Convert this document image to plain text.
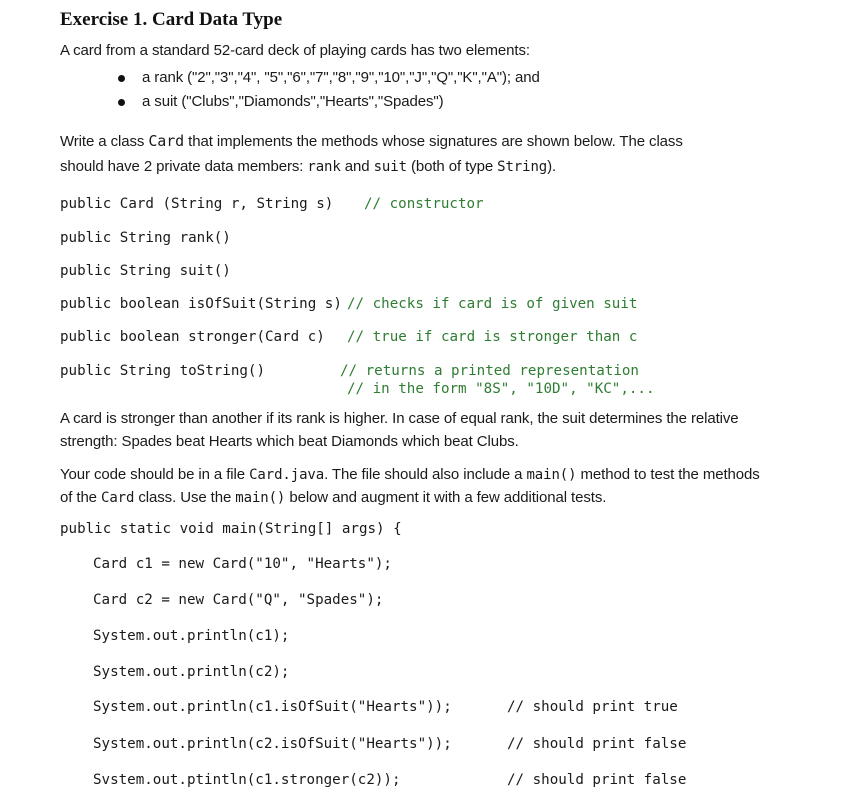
Exercise 1. Card Data Type
A card from a standard 52-card deck of playing cards has two elements:
a rank ("2","3","4", "5","6","7","8","9","10","J","Q","K","A"); and
a suit ("Clubs","Diamonds","Hearts","Spades")
Write a class Card that implements the methods whose signatures are shown below. The class
should have 2 private data members: rank and suit (both of type String).
public Card (String r, String s) // constructor
public String rank()
public String suit()
public boolean isOfSuit(String s) // checks if card is of given suit
public boolean stronger(Card c) // true if card is stronger than c
public String toString()	// returns a printed representation
// in the form "8S", "10D", "KC",...
A card is stronger than another if its rank is higher. In case of equal rank, the suit determines the relative
strength: Spades beat Hearts which beat Diamonds which beat Clubs.
Your code should be in a file Card.java. The file should also include a main() method to test the methods
of the Card class. Use the main() below and augment it with a few additional tests.
public static void main(String[] args) {
Card c1 = new Card("10", "Hearts");
Card c2 = new Card("Q", "Spades");
System.out.println(c1);
System.out.println(c2);
System.out.println(c1.isOfSuit("Hearts"));	// should print true
System.out.println(c2.isOfSuit("Hearts"));	// should print false
Svstem.out.ptintln(c1.stronger(c2));	// should print false
